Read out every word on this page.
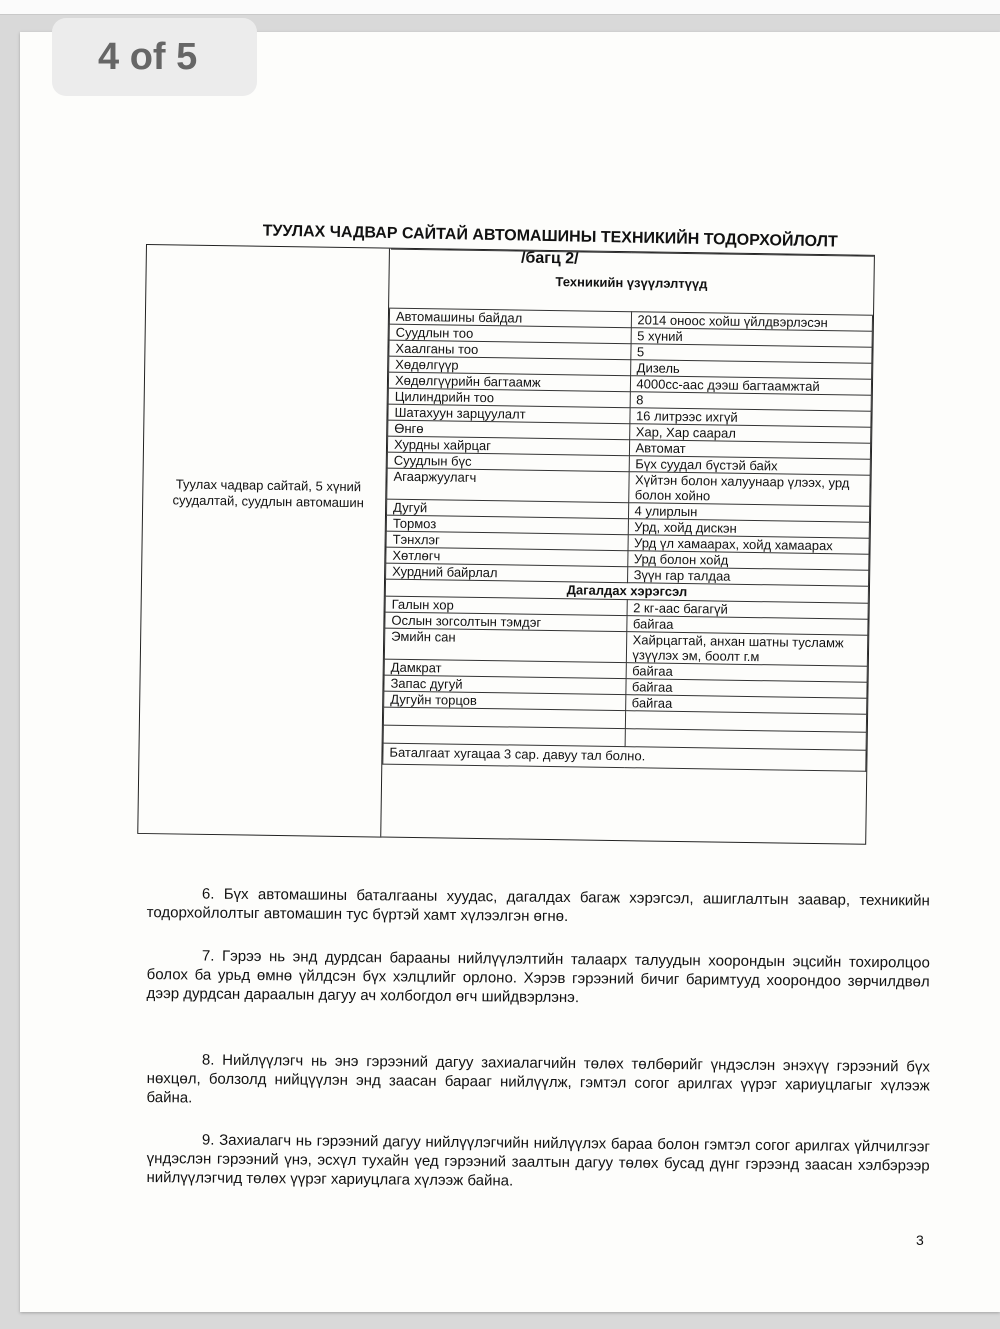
ТУУЛАХ ЧАДВАР САЙТАЙ АВТОМАШИНЫ ТЕХНИКИЙН ТОДОРХОЙЛОЛТ
/багц 2/
4 of 5
Туулах чадвар сайтай, 5 хүний суудалтай, суудлын автомашин
Техникийн үзүүлэлтүүд	
Автомашины байдал	2014 оноос хойш үйлдвэрлэсэн
Суудлын тоо	5 хүний
Хаалганы тоо	5
Хөдөлгүүр	Дизель
Хөдөлгүүрийн багтаамж	4000сс-аас дээш багтаамжтай
Цилиндрийн тоо	8
Шатахуун зарцуулалт	16 литрээс ихгүй
Өнгө	Хар, Хар саарал
Хурдны хайрцаг	Автомат
Суудлын бүс	Бүх суудал бүстэй байх
Агааржуулагч	Хүйтэн болон халуунаар үлээх, урд болон хойно
Дугуй	4 улирлын
Тормоз	Урд, хойд дискэн
Тэнхлэг	Урд үл хамаарах, хойд хамаарах
Хөтлөгч	Урд болон хойд
Хурдний байрлал	Зүүн гар талдаа
Дагалдах хэрэгсэл	
Галын хор	2 кг-аас багагүй
Ослын зогсолтын тэмдэг	байгаа
Эмийн сан	Хайрцагтай, анхан шатны тусламж үзүүлэх эм, боолт г.м
Дамкрат	байгаа
Запас дугуй	байгаа
Дугуйн торцов	байгаа

Баталгаат хугацаа 3 сар. давуу тал болно.	
6. Бүх автомашины баталгааны хуудас, дагалдах багаж хэрэгсэл, ашиглалтын заавар, техникийн тодорхойлолтыг автомашин тус бүртэй хамт хүлээлгэн өгнө.
7. Гэрээ нь энд дурдсан барааны нийлүүлэлтийн талаарх талуудын хоорондын эцсийн тохиролцоо болох ба урьд өмнө үйлдсэн бүх хэлцлийг орлоно. Хэрэв гэрээний бичиг баримтууд хоорондоо зөрчилдвөл дээр дурдсан дараалын дагуу ач холбогдол өгч шийдвэрлэнэ.
8. Нийлүүлэгч нь энэ гэрээний дагуу захиалагчийн төлөх төлбөрийг үндэслэн энэхүү гэрээний бүх нөхцөл, болзолд нийцүүлэн энд заасан барааг нийлүүлж, гэмтэл согог арилгах үүрэг хариуцлагыг хүлээж байна.
9. Захиалагч нь гэрээний дагуу нийлүүлэгчийн нийлүүлэх бараа болон гэмтэл согог арилгах үйлчилгээг үндэслэн гэрээний үнэ, эсхүл тухайн үед гэрээний заалтын дагуу төлөх бусад дүнг гэрээнд заасан хэлбэрээр нийлүүлэгчид төлөх үүрэг хариуцлага хүлээж байна.
3
